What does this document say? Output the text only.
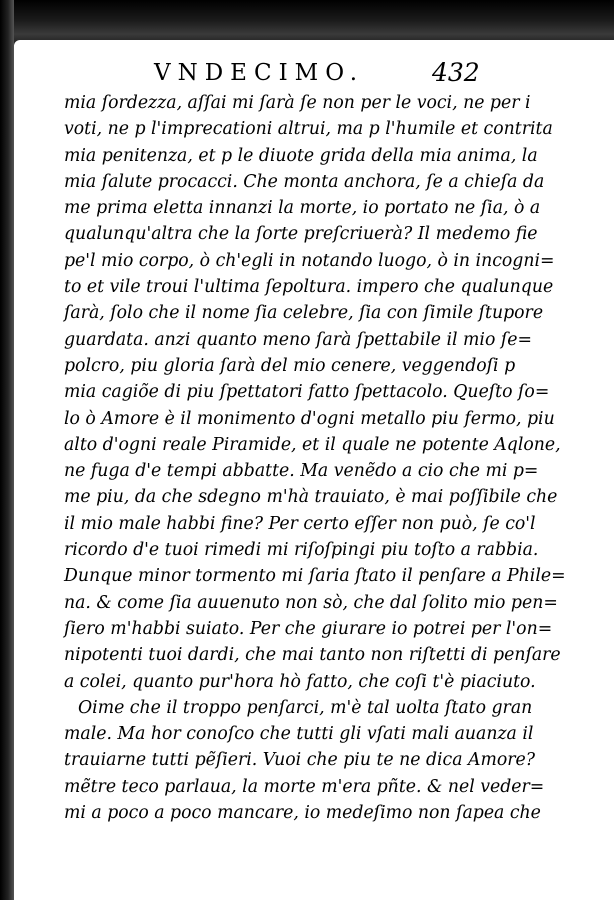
VNDECIMO.	432
mia ſordezza, aſſai mi ſarà ſe non per le voci, ne per i
voti, ne p l'imprecationi altrui, ma p l'humile et contrita
mia penitenza, et p le diuote grida della mia anima, la
mia ſalute procacci. Che monta anchora, ſe a chieſa da
me prima eletta innanzi la morte, io portato ne ſia, ò a
qualunqu'altra che la ſorte preſcriuerà? Il medemo fie
pe'l mio corpo, ò ch'egli in notando luogo, ò in incogni=
to et vile troui l'ultima ſepoltura. impero che qualunque
ſarà, ſolo che il nome ſia celebre, ſia con ſimile ſtupore
guardata. anzi quanto meno ſarà ſpettabile il mio ſe=
polcro, piu gloria ſarà del mio cenere, veggendoſi p
mia cagiõe di piu ſpettatori fatto ſpettacolo. Queſto ſo=
lo ò Amore è il monimento d'ogni metallo piu fermo, piu
alto d'ogni reale Piramide, et il quale ne potente Aqlone,
ne fuga d'e tempi abbatte. Ma venẽdo a cio che mi p=
me piu, da che sdegno m'hà trauiato, è mai poſſibile che
il mio male habbi fine? Per certo eſſer non può, ſe co'l
ricordo d'e tuoi rimedi mi riſoſpingi piu toſto a rabbia.
Dunque minor tormento mi ſaria ſtato il penſare a Phile=
na. & come ſia auuenuto non sò, che dal ſolito mio pen=
ſiero m'habbi suiato. Per che giurare io potrei per l'on=
nipotenti tuoi dardi, che mai tanto non riſtetti di penſare
a colei, quanto pur'hora hò fatto, che coſi t'è piaciuto.
Oime che il troppo penſarci, m'è tal uolta ſtato gran
male. Ma hor conoſco che tutti gli vſati mali auanza il
trauiarne tutti pẽſieri. Vuoi che piu te ne dica Amore?
mẽtre teco parlaua, la morte m'era pñte. & nel veder=
mi a poco a poco mancare, io medeſimo non ſapea che
